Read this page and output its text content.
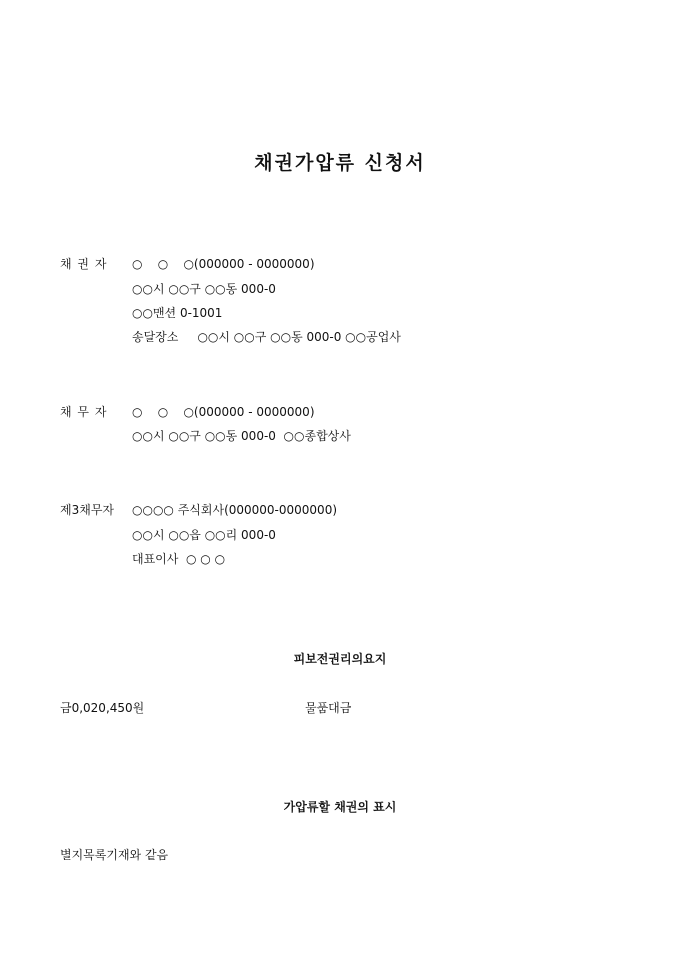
채권가압류 신청서
채 권 자 ○    ○    ○(000000 - 0000000)
○○시 ○○구 ○○동 000-0
○○맨션 0-1001
송달장소     ○○시 ○○구 ○○동 000-0 ○○공업사
채 무 자 ○    ○    ○(000000 - 0000000)
○○시 ○○구 ○○동 000-0  ○○종합상사
제3채무자 ○○○○ 주식회사(000000-0000000)
○○시 ○○읍 ○○리 000-0
대표이사  ○ ○ ○
피보전권리의요지
금0,020,450원	물품대금
가압류할 채권의 표시
별지목록기재와 같음
